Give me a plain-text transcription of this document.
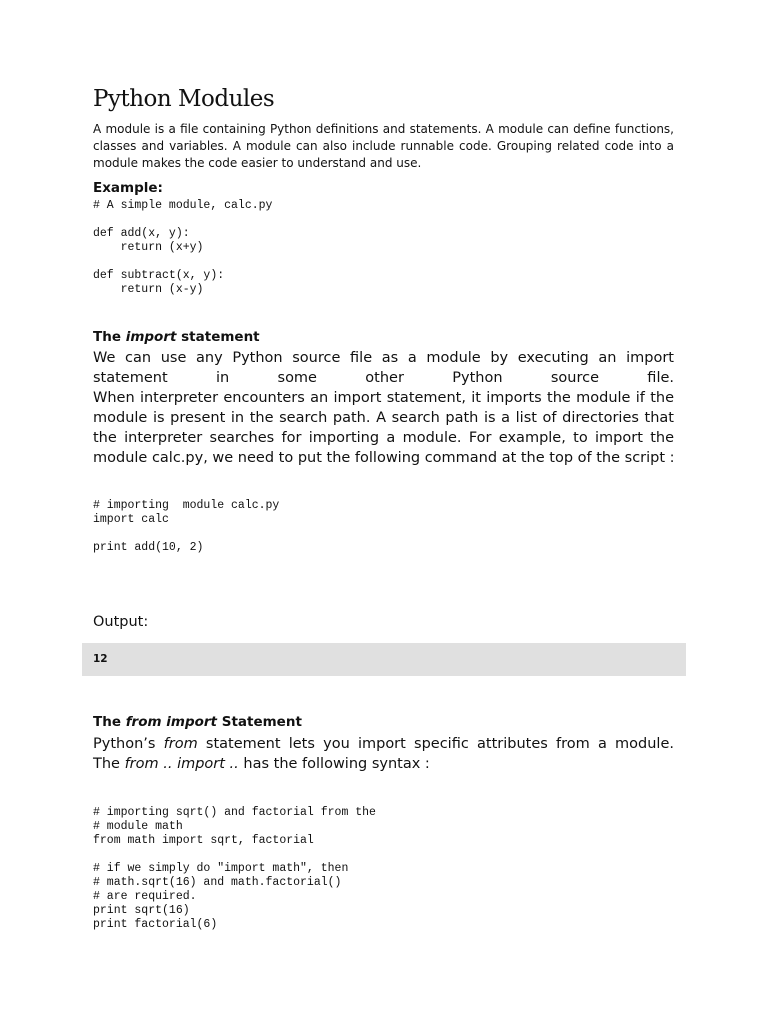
Python Modules

A module is a file containing Python definitions and statements. A module can define functions,
classes and variables. A module can also include runnable code. Grouping related code into a
module makes the code easier to understand and use.

Example:

# A simple module, calc.py

def add(x, y):
return (x+y)

def subtract(x, y):
return (x-y)

The import statement

We can use any Python source file as a module by executing an import
statement in some other Python source file.
When interpreter encounters an import statement, it imports the module if the
module is present in the search path. A search path is a list of directories that
the interpreter searches for importing a module. For example, to import the
module calc.py, we need to put the following command at the top of the script :
# importing  module calc.py
import calc

print add(10, 2)

Output:

The from import Statement

Python’s from statement lets you import specific attributes from a module.
The from .. import .. has the following syntax :
# importing sqrt() and factorial from the
# module math
from math import sqrt, factorial

# if we simply do "import math", then
# math.sqrt(16) and math.factorial()
# are required.
print sqrt(16)
print factorial(6)
12
